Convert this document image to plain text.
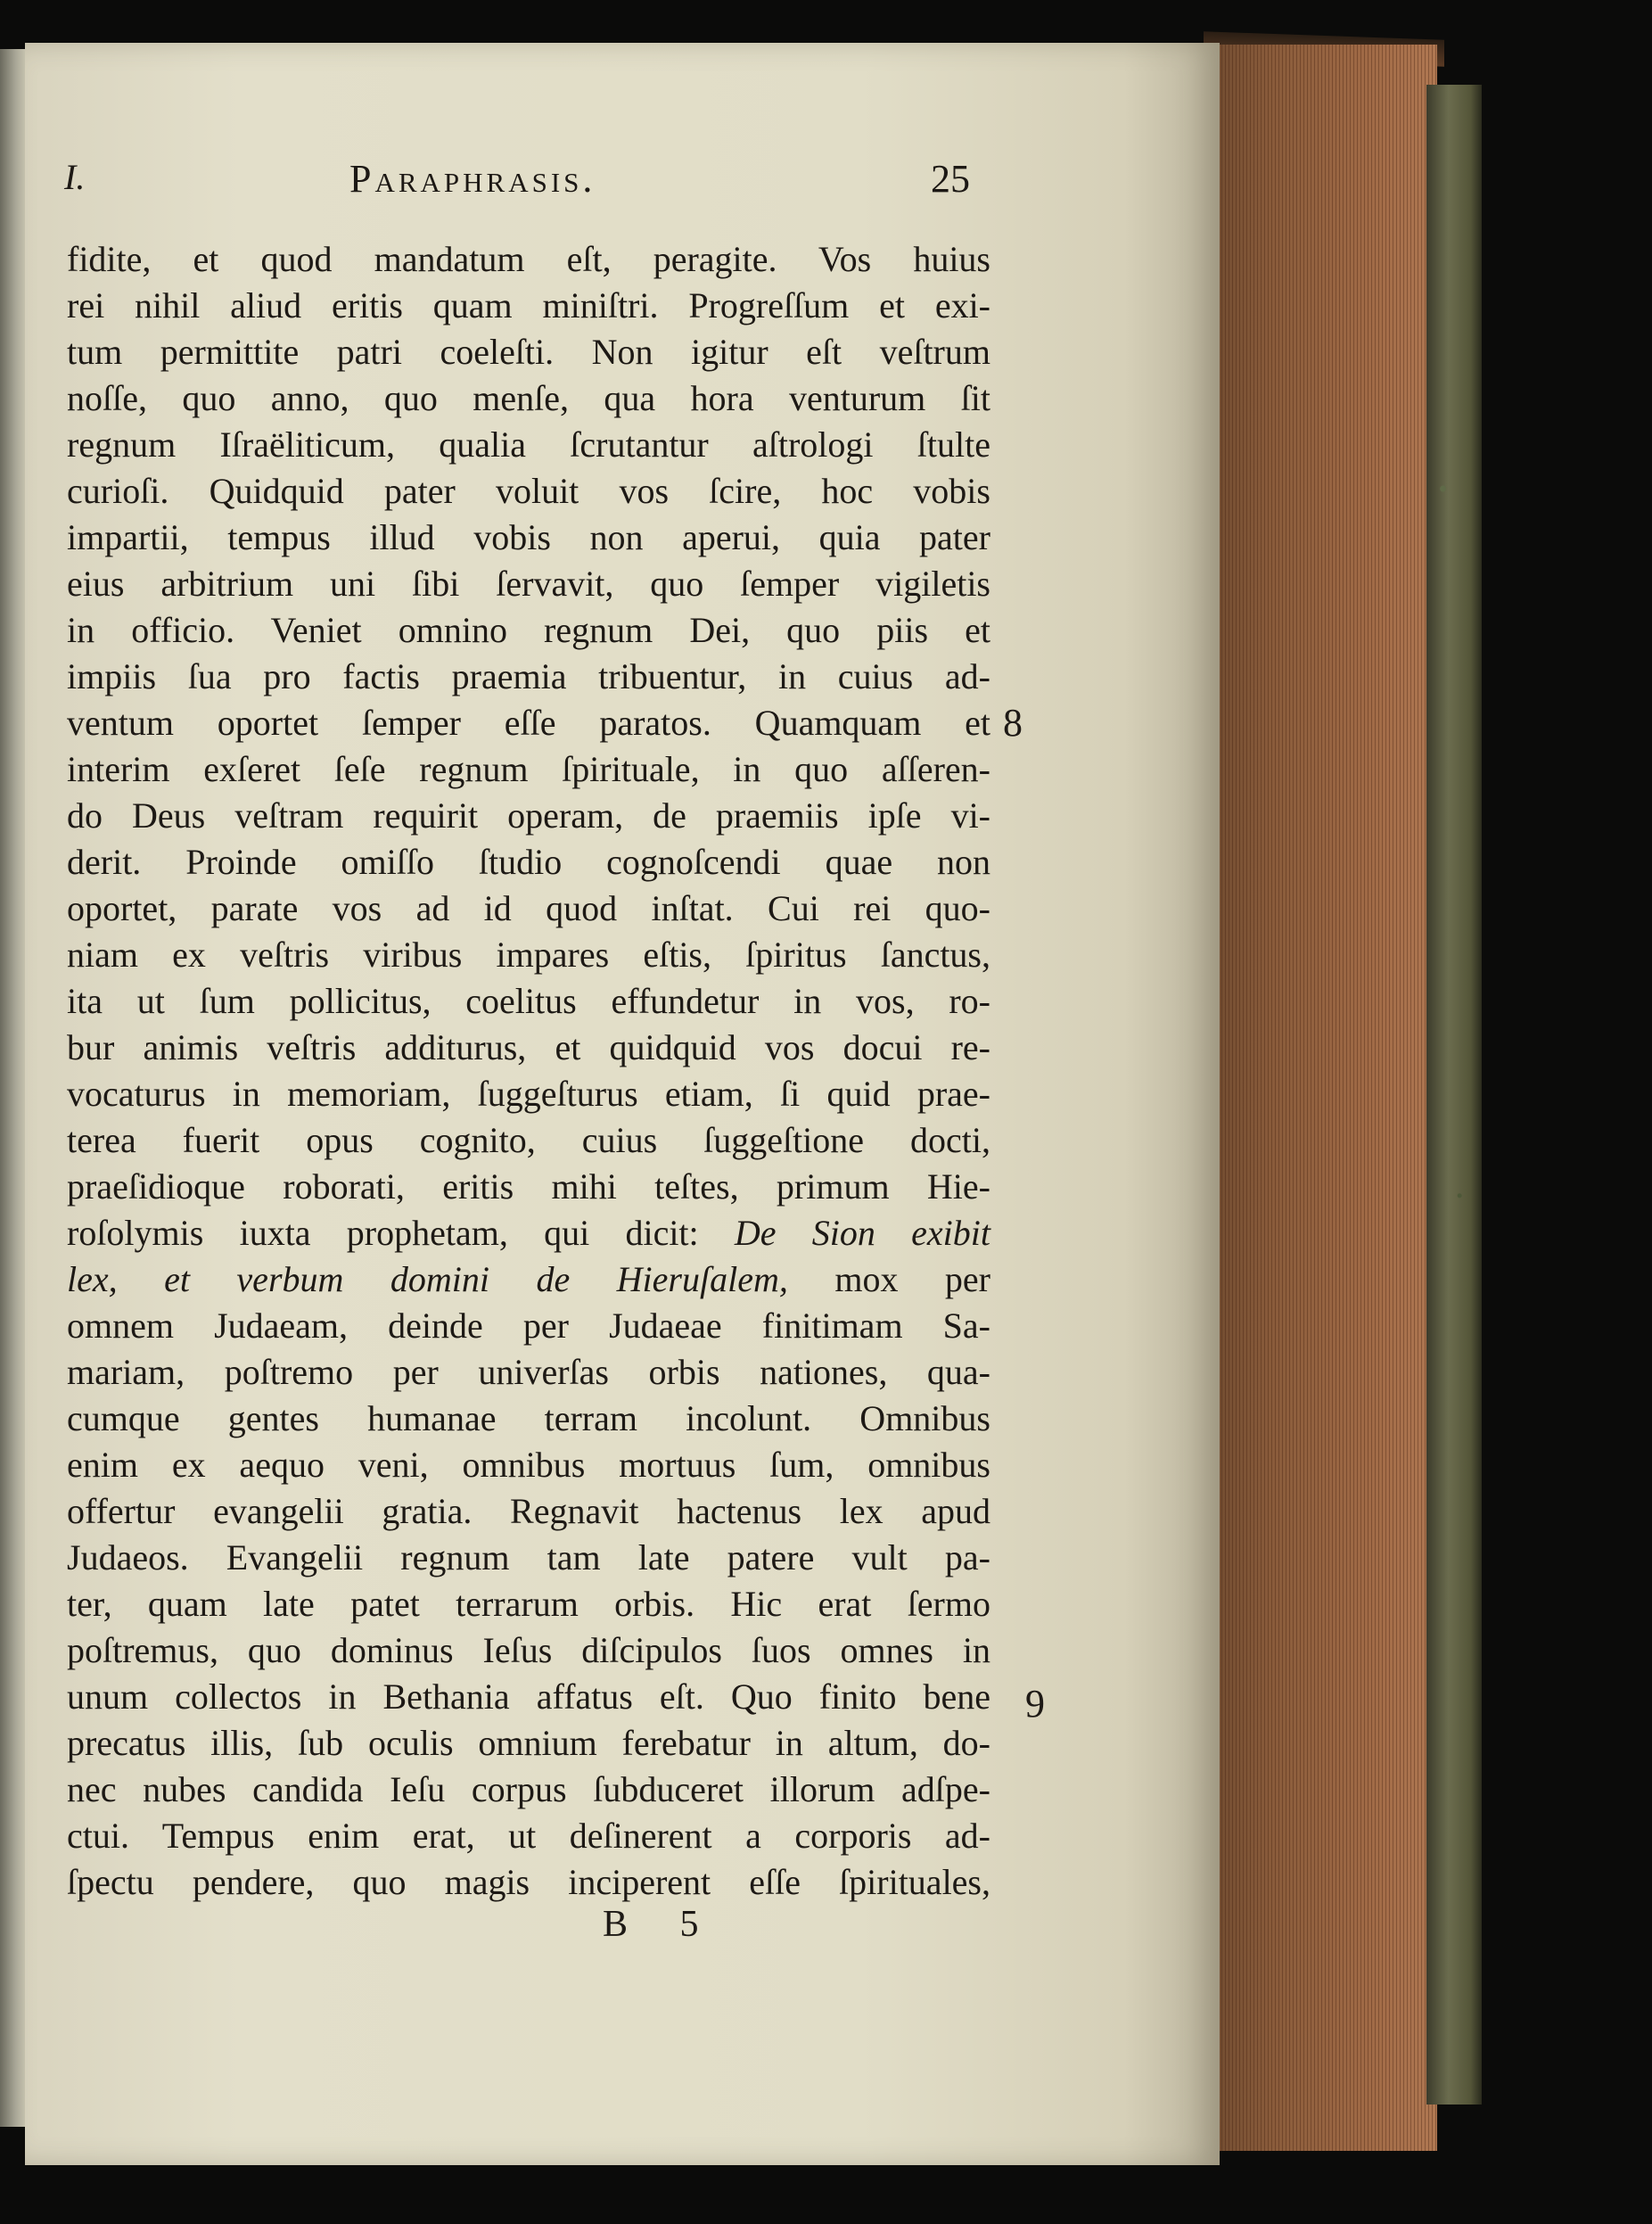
I.	Paraphrasis.	25
fidite, et quod mandatum eſt, peragite. Vos huius
rei nihil aliud eritis quam miniſtri. Progreſſum et exi-
tum permittite patri coeleſti. Non igitur eſt veſtrum
noſſe, quo anno, quo menſe, qua hora venturum ſit
regnum Iſraëliticum, qualia ſcrutantur aſtrologi ſtulte
curioſi. Quidquid pater voluit vos ſcire, hoc vobis
impartii, tempus illud vobis non aperui, quia pater
eius arbitrium uni ſibi ſervavit, quo ſemper vigiletis
in officio. Veniet omnino regnum Dei, quo piis et
impiis ſua pro factis praemia tribuentur, in cuius ad-
ventum oportet ſemper eſſe paratos. Quamquam et
interim exſeret ſeſe regnum ſpirituale, in quo aſſeren-
do Deus veſtram requirit operam, de praemiis ipſe vi-
derit. Proinde omiſſo ſtudio cognoſcendi quae non
oportet, parate vos ad id quod inſtat. Cui rei quo-
niam ex veſtris viribus impares eſtis, ſpiritus ſanctus,
ita ut ſum pollicitus, coelitus effundetur in vos, ro-
bur animis veſtris additurus, et quidquid vos docui re-
vocaturus in memoriam, ſuggeſturus etiam, ſi quid prae-
terea fuerit opus cognito, cuius ſuggeſtione docti,
praeſidioque roborati, eritis mihi teſtes, primum Hie-
roſolymis iuxta prophetam, qui dicit: De Sion exibit
lex, et verbum domini de Hieruſalem, mox per
omnem Judaeam, deinde per Judaeae finitimam Sa-
mariam, poſtremo per univerſas orbis nationes, qua-
cumque gentes humanae terram incolunt. Omnibus
enim ex aequo veni, omnibus mortuus ſum, omnibus
offertur evangelii gratia. Regnavit hactenus lex apud
Judaeos. Evangelii regnum tam late patere vult pa-
ter, quam late patet terrarum orbis. Hic erat ſermo
poſtremus, quo dominus Ieſus diſcipulos ſuos omnes in
unum collectos in Bethania affatus eſt. Quo finito bene
precatus illis, ſub oculis omnium ferebatur in altum, do-
nec nubes candida Ieſu corpus ſubduceret illorum adſpe-
ctui. Tempus enim erat, ut deſinerent a corporis ad-
ſpectu pendere, quo magis inciperent eſſe ſpirituales,
8
9
B 5
